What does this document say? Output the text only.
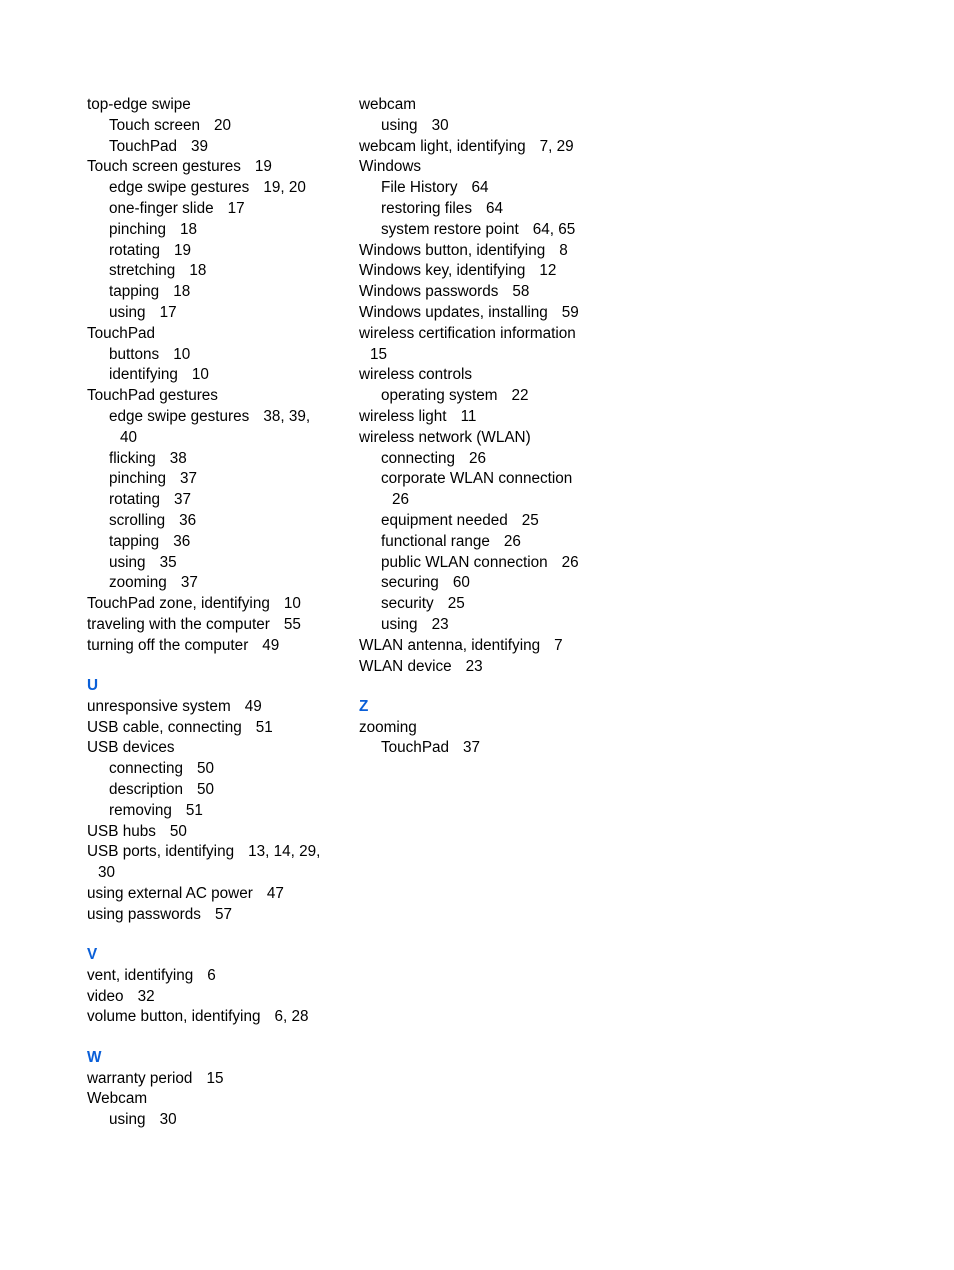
top-edge swipe
Touch screen 20
TouchPad 39
Touch screen gestures 19
edge swipe gestures 19, 20
one-finger slide 17
pinching 18
rotating 19
stretching 18
tapping 18
using 17
TouchPad
buttons 10
identifying 10
TouchPad gestures
edge swipe gestures 38, 39,
40
flicking 38
pinching 37
rotating 37
scrolling 36
tapping 36
using 35
zooming 37
TouchPad zone, identifying 10
traveling with the computer 55
turning off the computer 49
U
unresponsive system 49
USB cable, connecting 51
USB devices
connecting 50
description 50
removing 51
USB hubs 50
USB ports, identifying 13, 14, 29,
30
using external AC power 47
using passwords 57
V
vent, identifying 6
video 32
volume button, identifying 6, 28
W
warranty period 15
Webcam
using 30
webcam
using 30
webcam light, identifying 7, 29
Windows
File History 64
restoring files 64
system restore point 64, 65
Windows button, identifying 8
Windows key, identifying 12
Windows passwords 58
Windows updates, installing 59
wireless certification information
15
wireless controls
operating system 22
wireless light 11
wireless network (WLAN)
connecting 26
corporate WLAN connection
26
equipment needed 25
functional range 26
public WLAN connection 26
securing 60
security 25
using 23
WLAN antenna, identifying 7
WLAN device 23
Z
zooming
TouchPad 37
